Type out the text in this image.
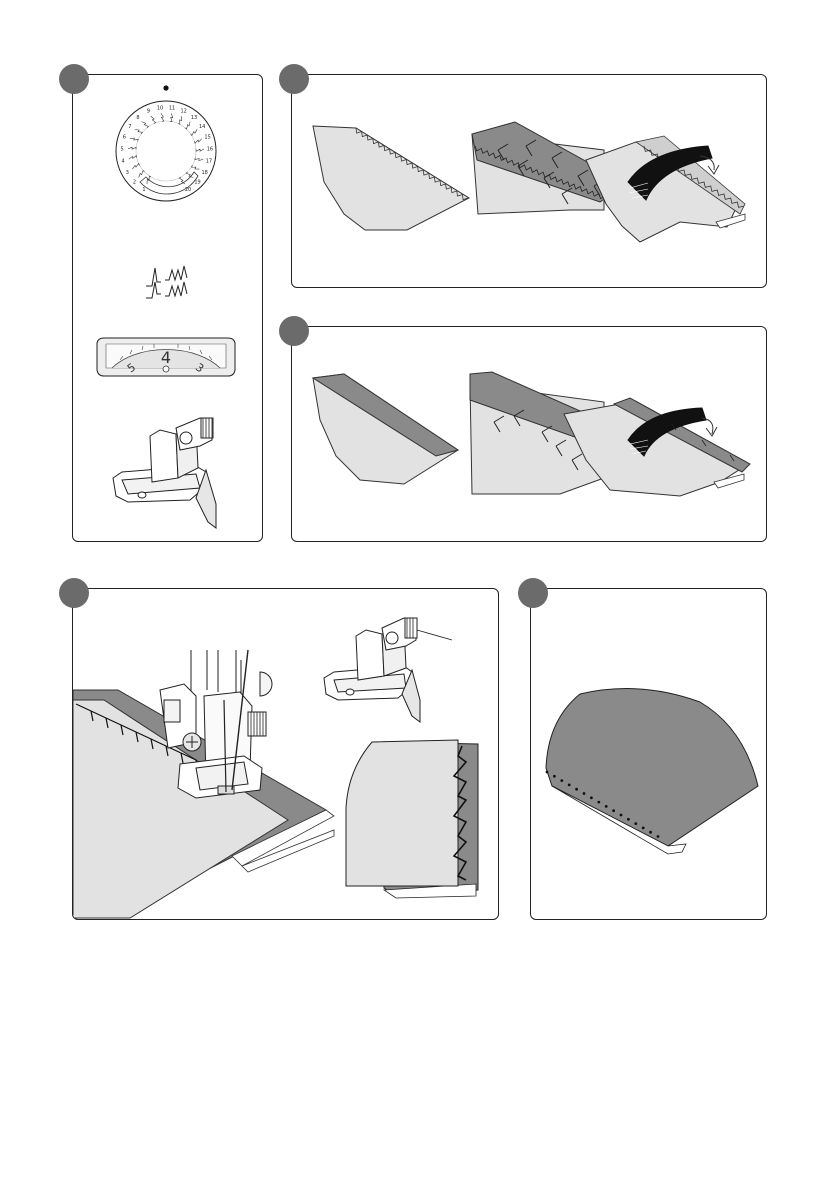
1
2
3
4
5
6
7
8
9
10 11
12
13
14
15
16
17
18
19
20
4
5	3
